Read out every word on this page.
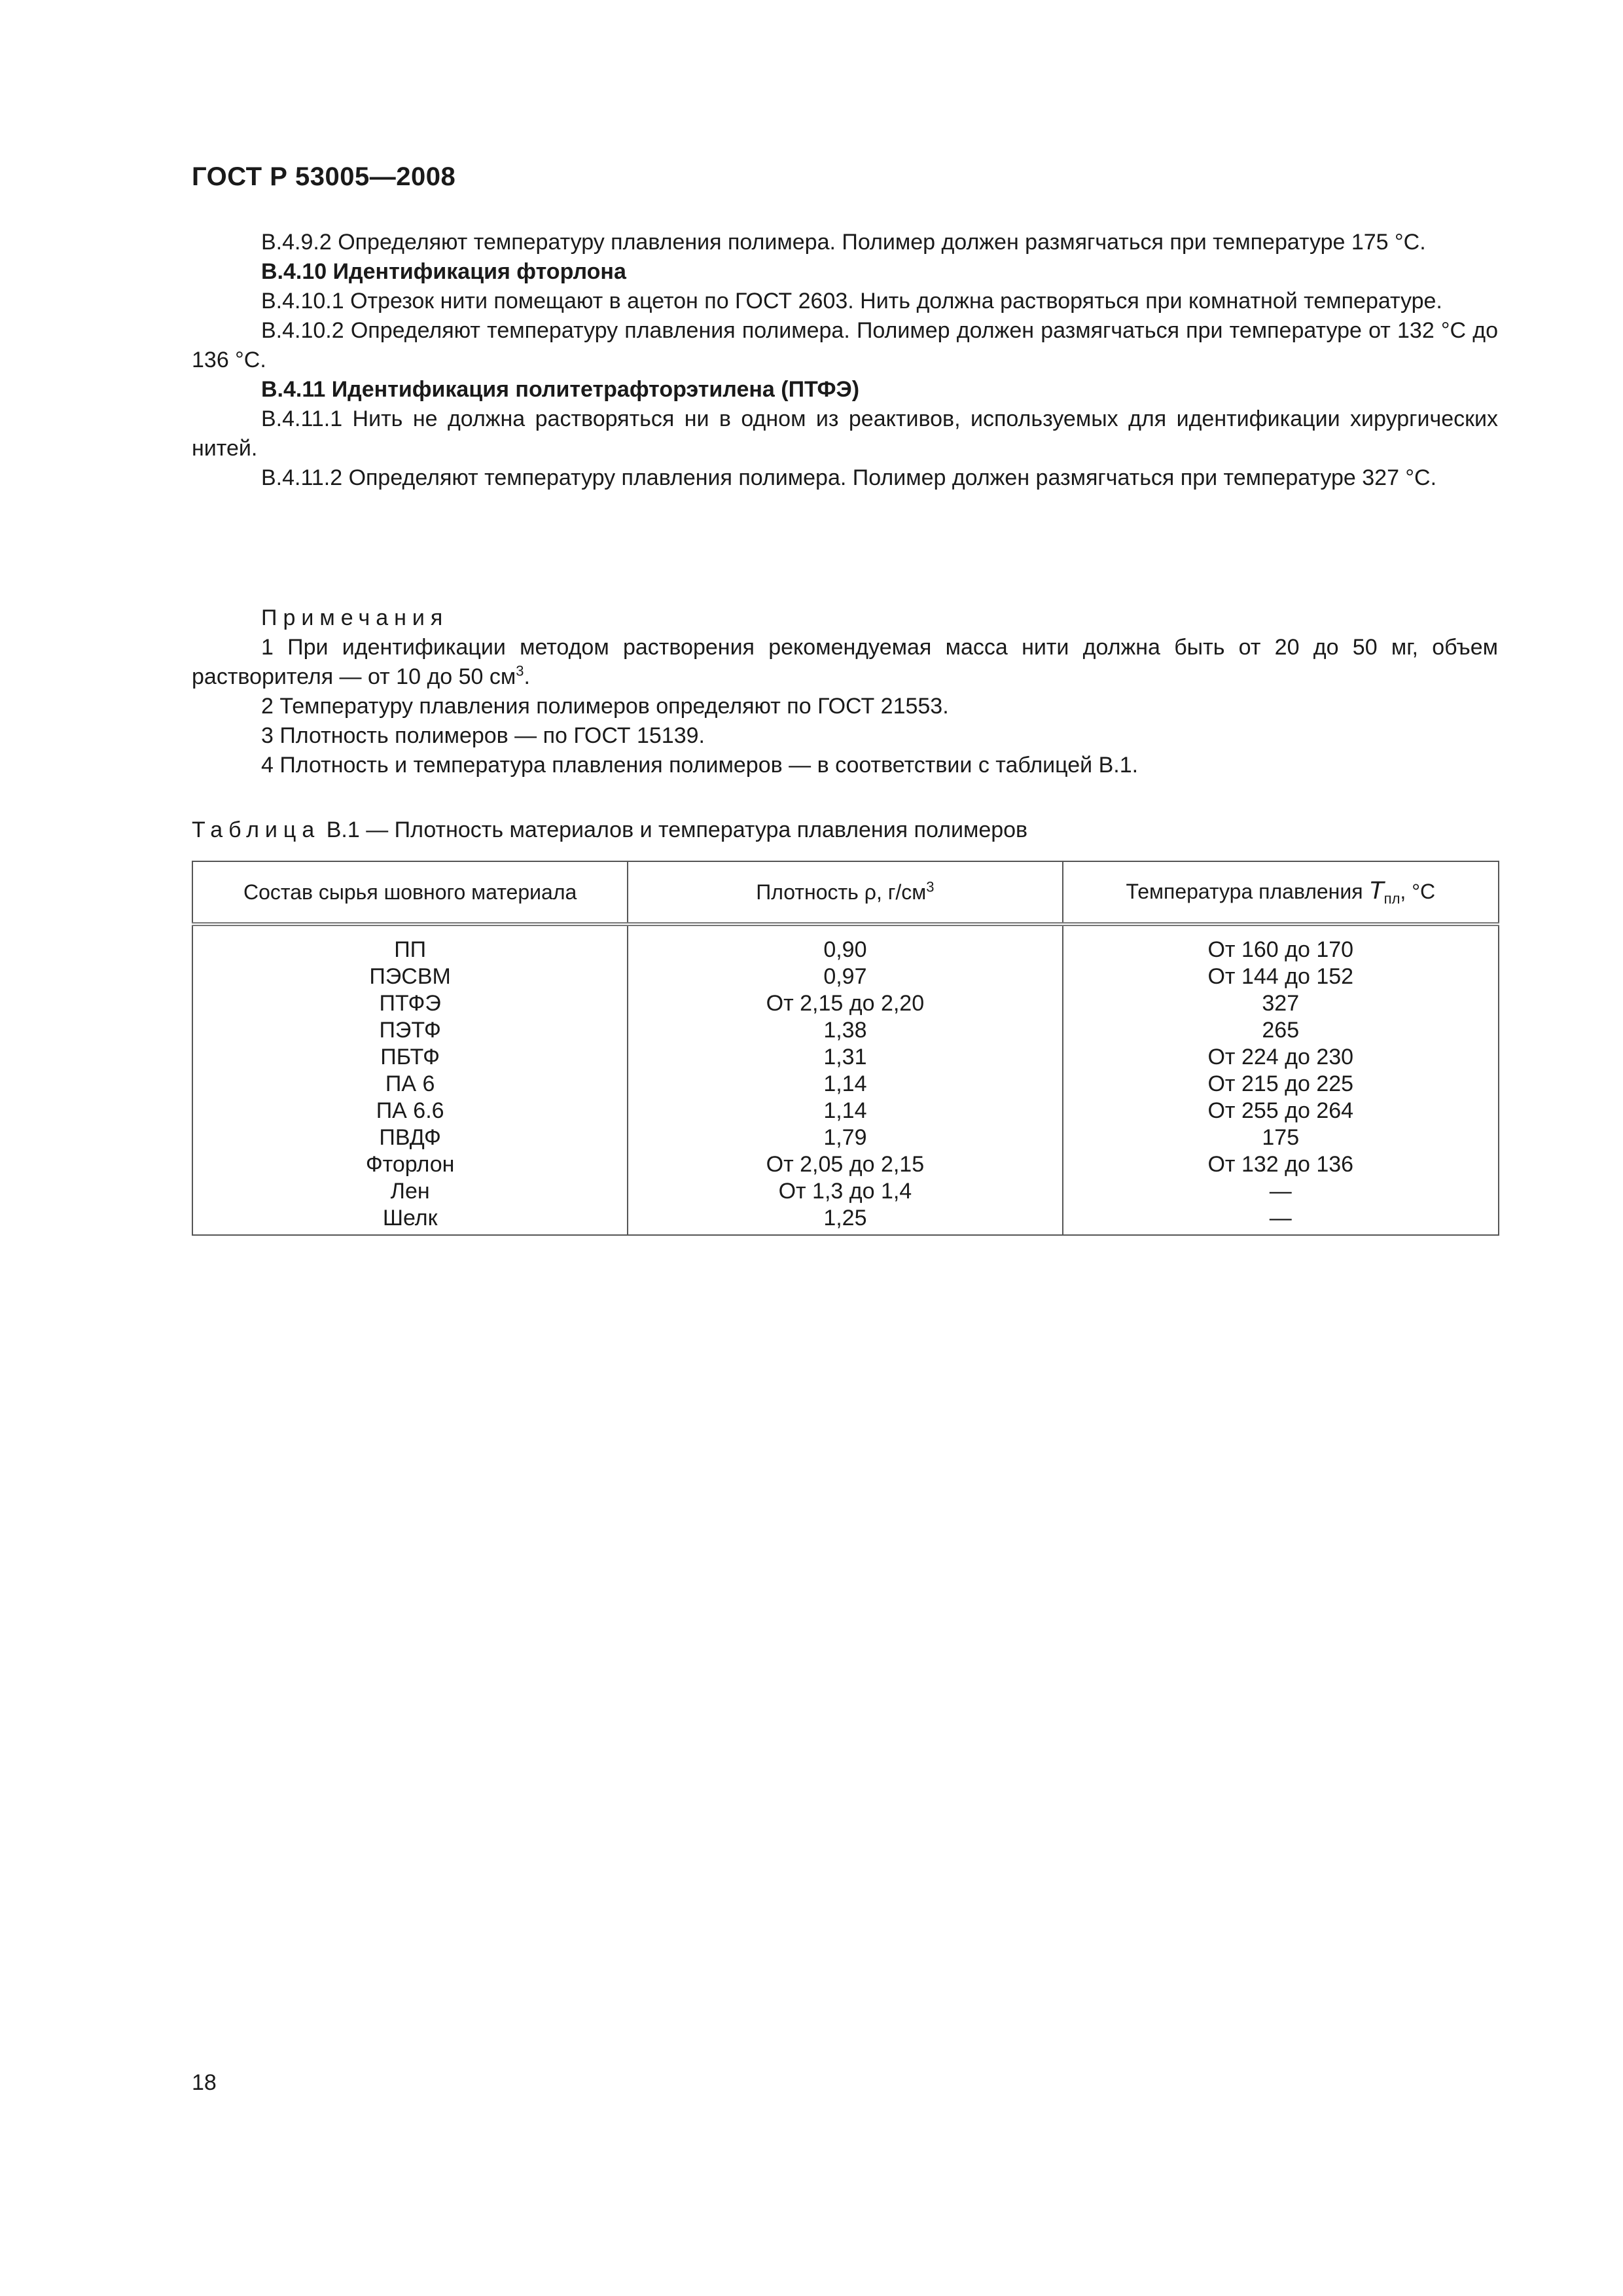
ГОСТ Р 53005—2008

В.4.9.2 Определяют температуру плавления полимера. Полимер должен размягчаться при температуре 175 °С.

В.4.10 Идентификация фторлона

В.4.10.1 Отрезок нити помещают в ацетон по ГОСТ 2603. Нить должна растворяться при комнатной температуре.

В.4.10.2 Определяют температуру плавления полимера. Полимер должен размягчаться при температуре от 132 °С до 136 °С.

В.4.11 Идентификация политетрафторэтилена (ПТФЭ)

В.4.11.1 Нить не должна растворяться ни в одном из реактивов, используемых для идентификации хирургических нитей.

В.4.11.2 Определяют температуру плавления полимера. Полимер должен размягчаться при температуре 327 °С.

Примечания

1 При идентификации методом растворения рекомендуемая масса нити должна быть от 20 до 50 мг, объем растворителя — от 10 до 50 $см^3$.

2 Температуру плавления полимеров определяют по ГОСТ 21553.

3 Плотность полимеров — по ГОСТ 15139.

4 Плотность и температура плавления полимеров — в соответствии с таблицей В.1.

Таблица В.1 — Плотность материалов и температура плавления полимеров
Состав сырья шовного материала	Плотность ρ, $г/см^3$	Температура плавления $T_{пл}$, °С
ПП	0,90	От 160 до 170
ПЭСВМ	0,97	От 144 до 152
ПТФЭ	От 2,15 до 2,20	327
ПЭТФ	1,38	265
ПБТФ	1,31	От 224 до 230
ПА 6	1,14	От 215 до 225
ПА 6.6	1,14	От 255 до 264
ПВДФ	1,79	175
Фторлон	От 2,05 до 2,15	От 132 до 136
Лен	От 1,3 до 1,4	—
Шелк	1,25	—
18
